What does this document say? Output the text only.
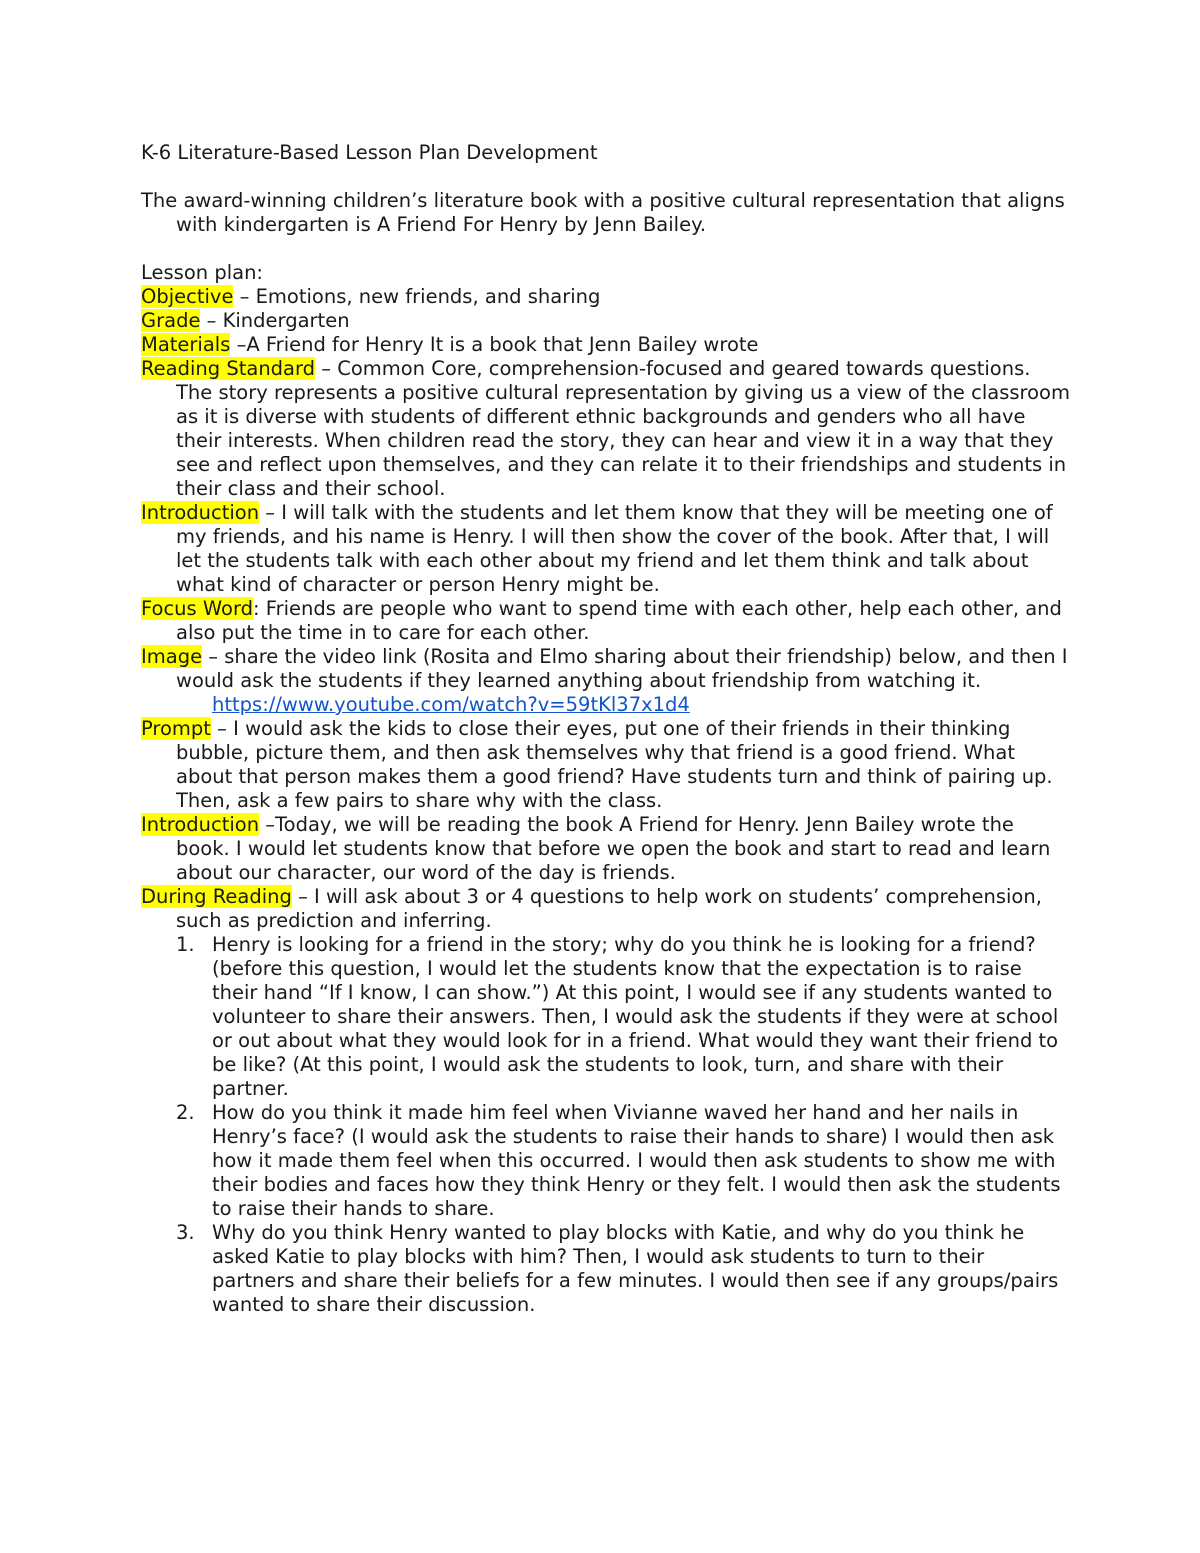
K-6 Literature-Based Lesson Plan Development

The award-winning children’s literature book with a positive cultural representation that aligns with kindergarten is A Friend For Henry by Jenn Bailey.

Lesson plan:

Objective – Emotions, new friends, and sharing

Grade – Kindergarten

Materials –A Friend for Henry It is a book that Jenn Bailey wrote

Reading Standard – Common Core, comprehension-focused and geared towards questions. The story represents a positive cultural representation by giving us a view of the classroom as it is diverse with students of different ethnic backgrounds and genders who all have their interests. When children read the story, they can hear and view it in a way that they see and reflect upon themselves, and they can relate it to their friendships and students in their class and their school.

Introduction – I will talk with the students and let them know that they will be meeting one of my friends, and his name is Henry. I will then show the cover of the book. After that, I will let the students talk with each other about my friend and let them think and talk about what kind of character or person Henry might be.

Focus Word: Friends are people who want to spend time with each other, help each other, and also put the time in to care for each other.

Image – share the video link (Rosita and Elmo sharing about their friendship) below, and then I would ask the students if they learned anything about friendship from watching it.

https://www.youtube.com/watch?v=59tKl37x1d4

Prompt – I would ask the kids to close their eyes, put one of their friends in their thinking bubble, picture them, and then ask themselves why that friend is a good friend. What about that person makes them a good friend? Have students turn and think of pairing up. Then, ask a few pairs to share why with the class.

Introduction –Today, we will be reading the book A Friend for Henry. Jenn Bailey wrote the book. I would let students know that before we open the book and start to read and learn about our character, our word of the day is friends.

During Reading – I will ask about 3 or 4 questions to help work on students’ comprehension, such as prediction and inferring.

1. Henry is looking for a friend in the story; why do you think he is looking for a friend? (before this question, I would let the students know that the expectation is to raise their hand “If I know, I can show.”) At this point, I would see if any students wanted to volunteer to share their answers. Then, I would ask the students if they were at school or out about what they would look for in a friend. What would they want their friend to be like? (At this point, I would ask the students to look, turn, and share with their partner.
2. How do you think it made him feel when Vivianne waved her hand and her nails in Henry’s face? (I would ask the students to raise their hands to share) I would then ask how it made them feel when this occurred. I would then ask students to show me with their bodies and faces how they think Henry or they felt. I would then ask the students to raise their hands to share.
3. Why do you think Henry wanted to play blocks with Katie, and why do you think he asked Katie to play blocks with him? Then, I would ask students to turn to their partners and share their beliefs for a few minutes. I would then see if any groups/pairs wanted to share their discussion.
